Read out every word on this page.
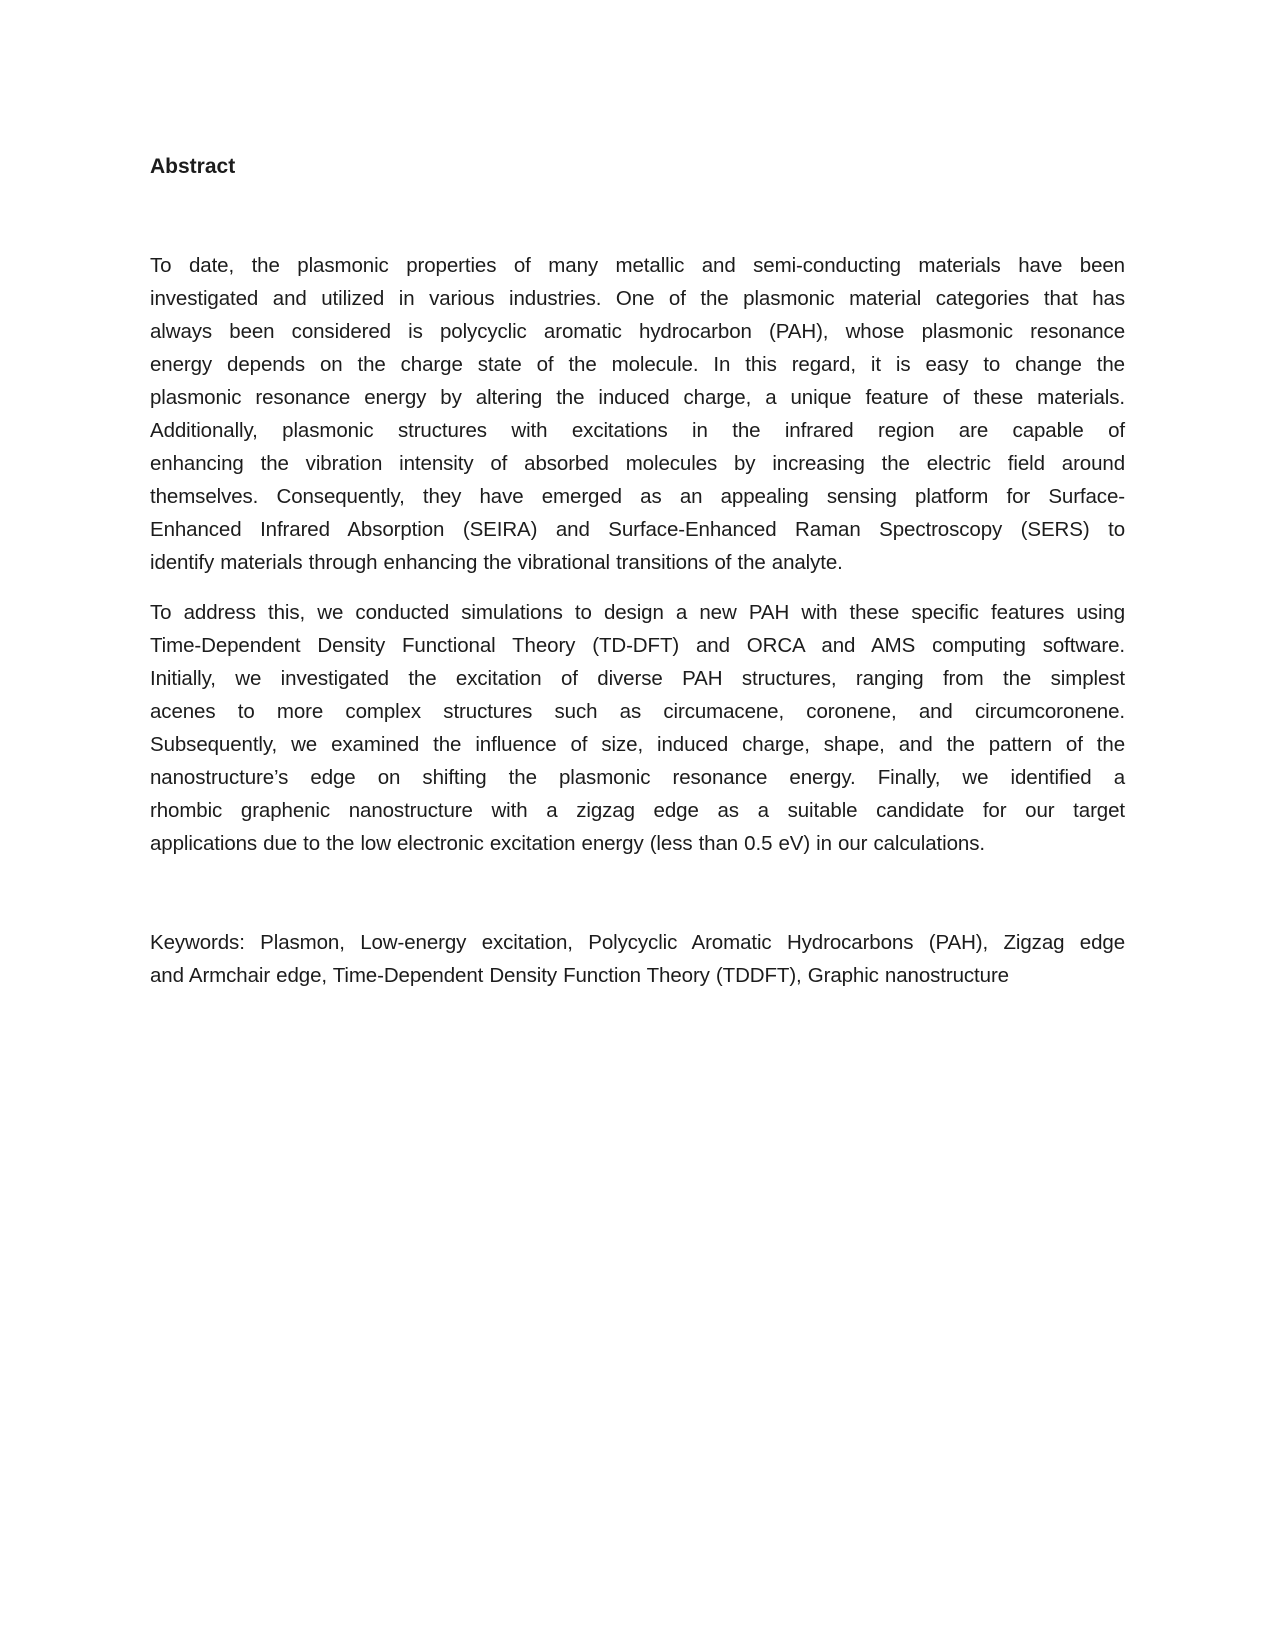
Abstract
To date, the plasmonic properties of many metallic and semi-conducting materials have been
investigated and utilized in various industries. One of the plasmonic material categories that has
always been considered is polycyclic aromatic hydrocarbon (PAH), whose plasmonic resonance
energy depends on the charge state of the molecule. In this regard, it is easy to change the
plasmonic resonance energy by altering the induced charge, a unique feature of these materials.
Additionally, plasmonic structures with excitations in the infrared region are capable of
enhancing the vibration intensity of absorbed molecules by increasing the electric field around
themselves. Consequently, they have emerged as an appealing sensing platform for Surface-
Enhanced Infrared Absorption (SEIRA) and Surface-Enhanced Raman Spectroscopy (SERS) to
identify materials through enhancing the vibrational transitions of the analyte.
To address this, we conducted simulations to design a new PAH with these specific features using
Time-Dependent Density Functional Theory (TD-DFT) and ORCA and AMS computing software.
Initially, we investigated the excitation of diverse PAH structures, ranging from the simplest
acenes to more complex structures such as circumacene, coronene, and circumcoronene.
Subsequently, we examined the influence of size, induced charge, shape, and the pattern of the
nanostructure’s edge on shifting the plasmonic resonance energy. Finally, we identified a
rhombic graphenic nanostructure with a zigzag edge as a suitable candidate for our target
applications due to the low electronic excitation energy (less than 0.5 eV) in our calculations.
Keywords: Plasmon, Low-energy excitation, Polycyclic Aromatic Hydrocarbons (PAH), Zigzag edge
and Armchair edge, Time-Dependent Density Function Theory (TDDFT), Graphic nanostructure
